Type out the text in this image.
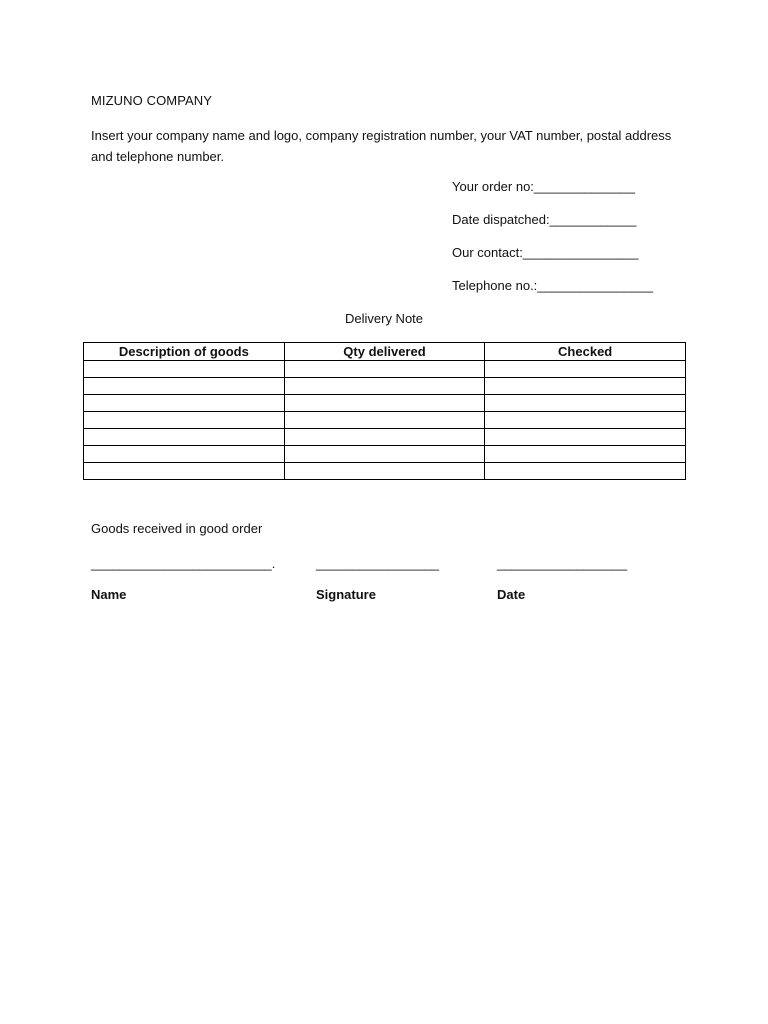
MIZUNO COMPANY
Insert your company name and logo, company registration number, your VAT number, postal address
and telephone number.
Your order no:______________
Date dispatched:____________
Our contact:________________
Telephone no.:________________
Delivery Note
Description of goods	Qty delivered	Checked

Goods received in good order
_________________________.	_________________	__________________
Name	Signature	Date
